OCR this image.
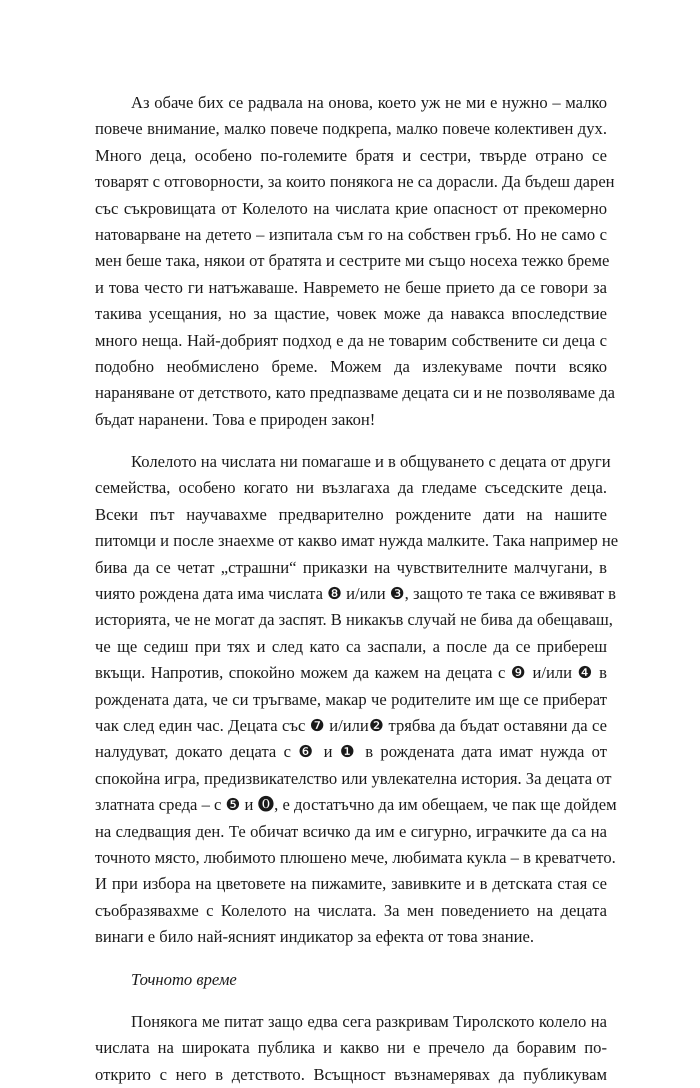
Аз обаче бих се радвала на онова, което уж не ми е нужно – малко
повече внимание, малко повече подкрепа, малко повече колективен дух.
Много деца, особено по-големите братя и сестри, твърде отрано се
товарят с отговорности, за които понякога не са дорасли. Да бъдеш дарен
със съкровищата от Колелото на числата крие опасност от прекомерно
натоварване на детето – изпитала съм го на собствен гръб. Но не само с
мен беше така, някои от братята и сестрите ми също носеха тежко бреме
и това често ги натъжаваше. Навремето не беше прието да се говори за
такива усещания, но за щастие, човек може да навакса впоследствие
много неща. Най-добрият подход е да не товарим собствените си деца с
подобно необмислено бреме. Можем да излекуваме почти всяко
нараняване от детството, като предпазваме децата си и не позволяваме да
бъдат наранени. Това е природен закон!
Колелото на числата ни помагаше и в общуването с децата от други
семейства, особено когато ни възлагаха да гледаме съседските деца.
Всеки път научавахме предварително рождените дати на нашите
питомци и после знаехме от какво имат нужда малките. Така например не
бива да се четат „страшни“ приказки на чувствителните малчугани, в
чиято рождена дата има числата ❽ и/или ❸, защото те така се вживяват в
историята, че не могат да заспят. В никакъв случай не бива да обещаваш,
че ще седиш при тях и след като са заспали, а после да се прибереш
вкъщи. Напротив, спокойно можем да кажем на децата с ❾ и/или ❹ в
рождената дата, че си тръгваме, макар че родителите им ще се приберат
чак след един час. Децата със ❼ и/или❷ трябва да бъдат оставяни да се
налудуват, докато децата с ❻ и ❶ в рождената дата имат нужда от
спокойна игра, предизвикателство или увлекателна история. За децата от
златната среда – с ❺ и ⓿, е достатъчно да им обещаем, че пак ще дойдем
на следващия ден. Те обичат всичко да им е сигурно, играчките да са на
точното място, любимото плюшено мече, любимата кукла – в креватчето.
И при избора на цветовете на пижамите, завивките и в детската стая се
съобразявахме с Колелото на числата. За мен поведението на децата
винаги е било най-ясният индикатор за ефекта от това знание.
Точното време
Понякога ме питат защо едва сега разкривам Тиролското колело на
числата на широката публика и какво ни е пречело да боравим по-
открито с него в детството. Всъщност възнамерявах да публикувам
